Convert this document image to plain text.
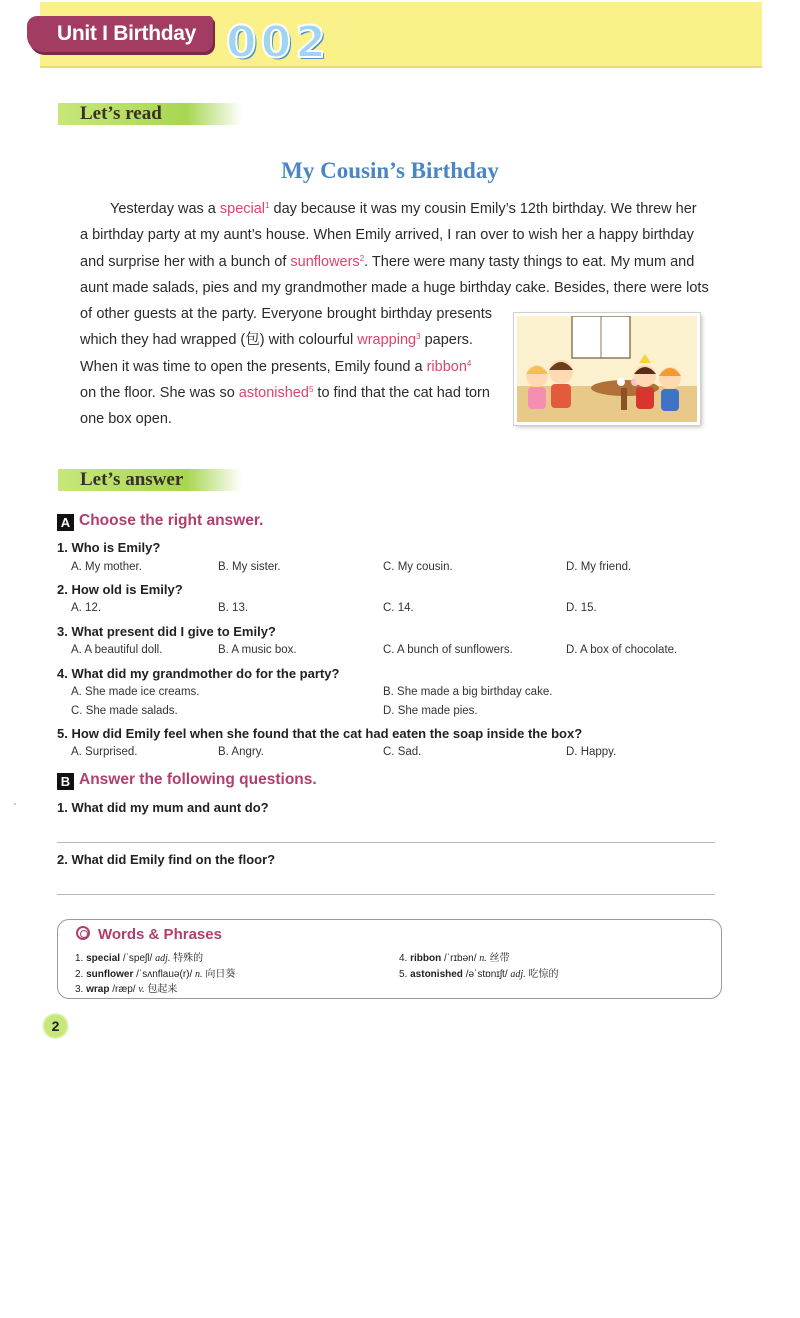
Unit I Birthday 002
Let’s read
My Cousin’s Birthday
Yesterday was a special$^1$ day because it was my cousin Emily’s 12th birthday. We threw her
a birthday party at my aunt’s house. When Emily arrived, I ran over to wish her a happy birthday
and surprise her with a bunch of sunflowers$^2$. There were many tasty things to eat. My mum and
aunt made salads, pies and my grandmother made a huge birthday cake. Besides, there were lots
of other guests at the party. Everyone brought birthday presents
which they had wrapped (包) with colourful wrapping$^3$ papers.
When it was time to open the presents, Emily found a ribbon$^4$
on the floor. She was so astonished$^5$ to find that the cat had torn
one box open.
Let’s answer
A Choose the right answer.
1. Who is Emily?
A. My mother.	B. My sister.	C. My cousin.	D. My friend.
2. How old is Emily?
A. 12.	B. 13.	C. 14.	D. 15.
3. What present did I give to Emily?
A. A beautiful doll.	B. A music box.	C. A bunch of sunflowers.	D. A box of chocolate.
4. What did my grandmother do for the party?
A. She made ice creams.	B. She made a big birthday cake.
C. She made salads.	D. She made pies.
5. How did Emily feel when she found that the cat had eaten the soap inside the box?
A. Surprised.	B. Angry.	C. Sad.	D. Happy.
B Answer the following questions.
1. What did my mum and aunt do?
2. What did Emily find on the floor?
Words & Phrases
1. special /ˈspeʃl/ adj. 特殊的
2. sunflower /ˈsʌnflauə(r)/ n. 向日葵
3. wrap /ræp/ v. 包起来
4. ribbon /ˈrɪbən/ n. 丝带
5. astonished /əˈstɒnɪʃt/ adj. 吃惊的
2
